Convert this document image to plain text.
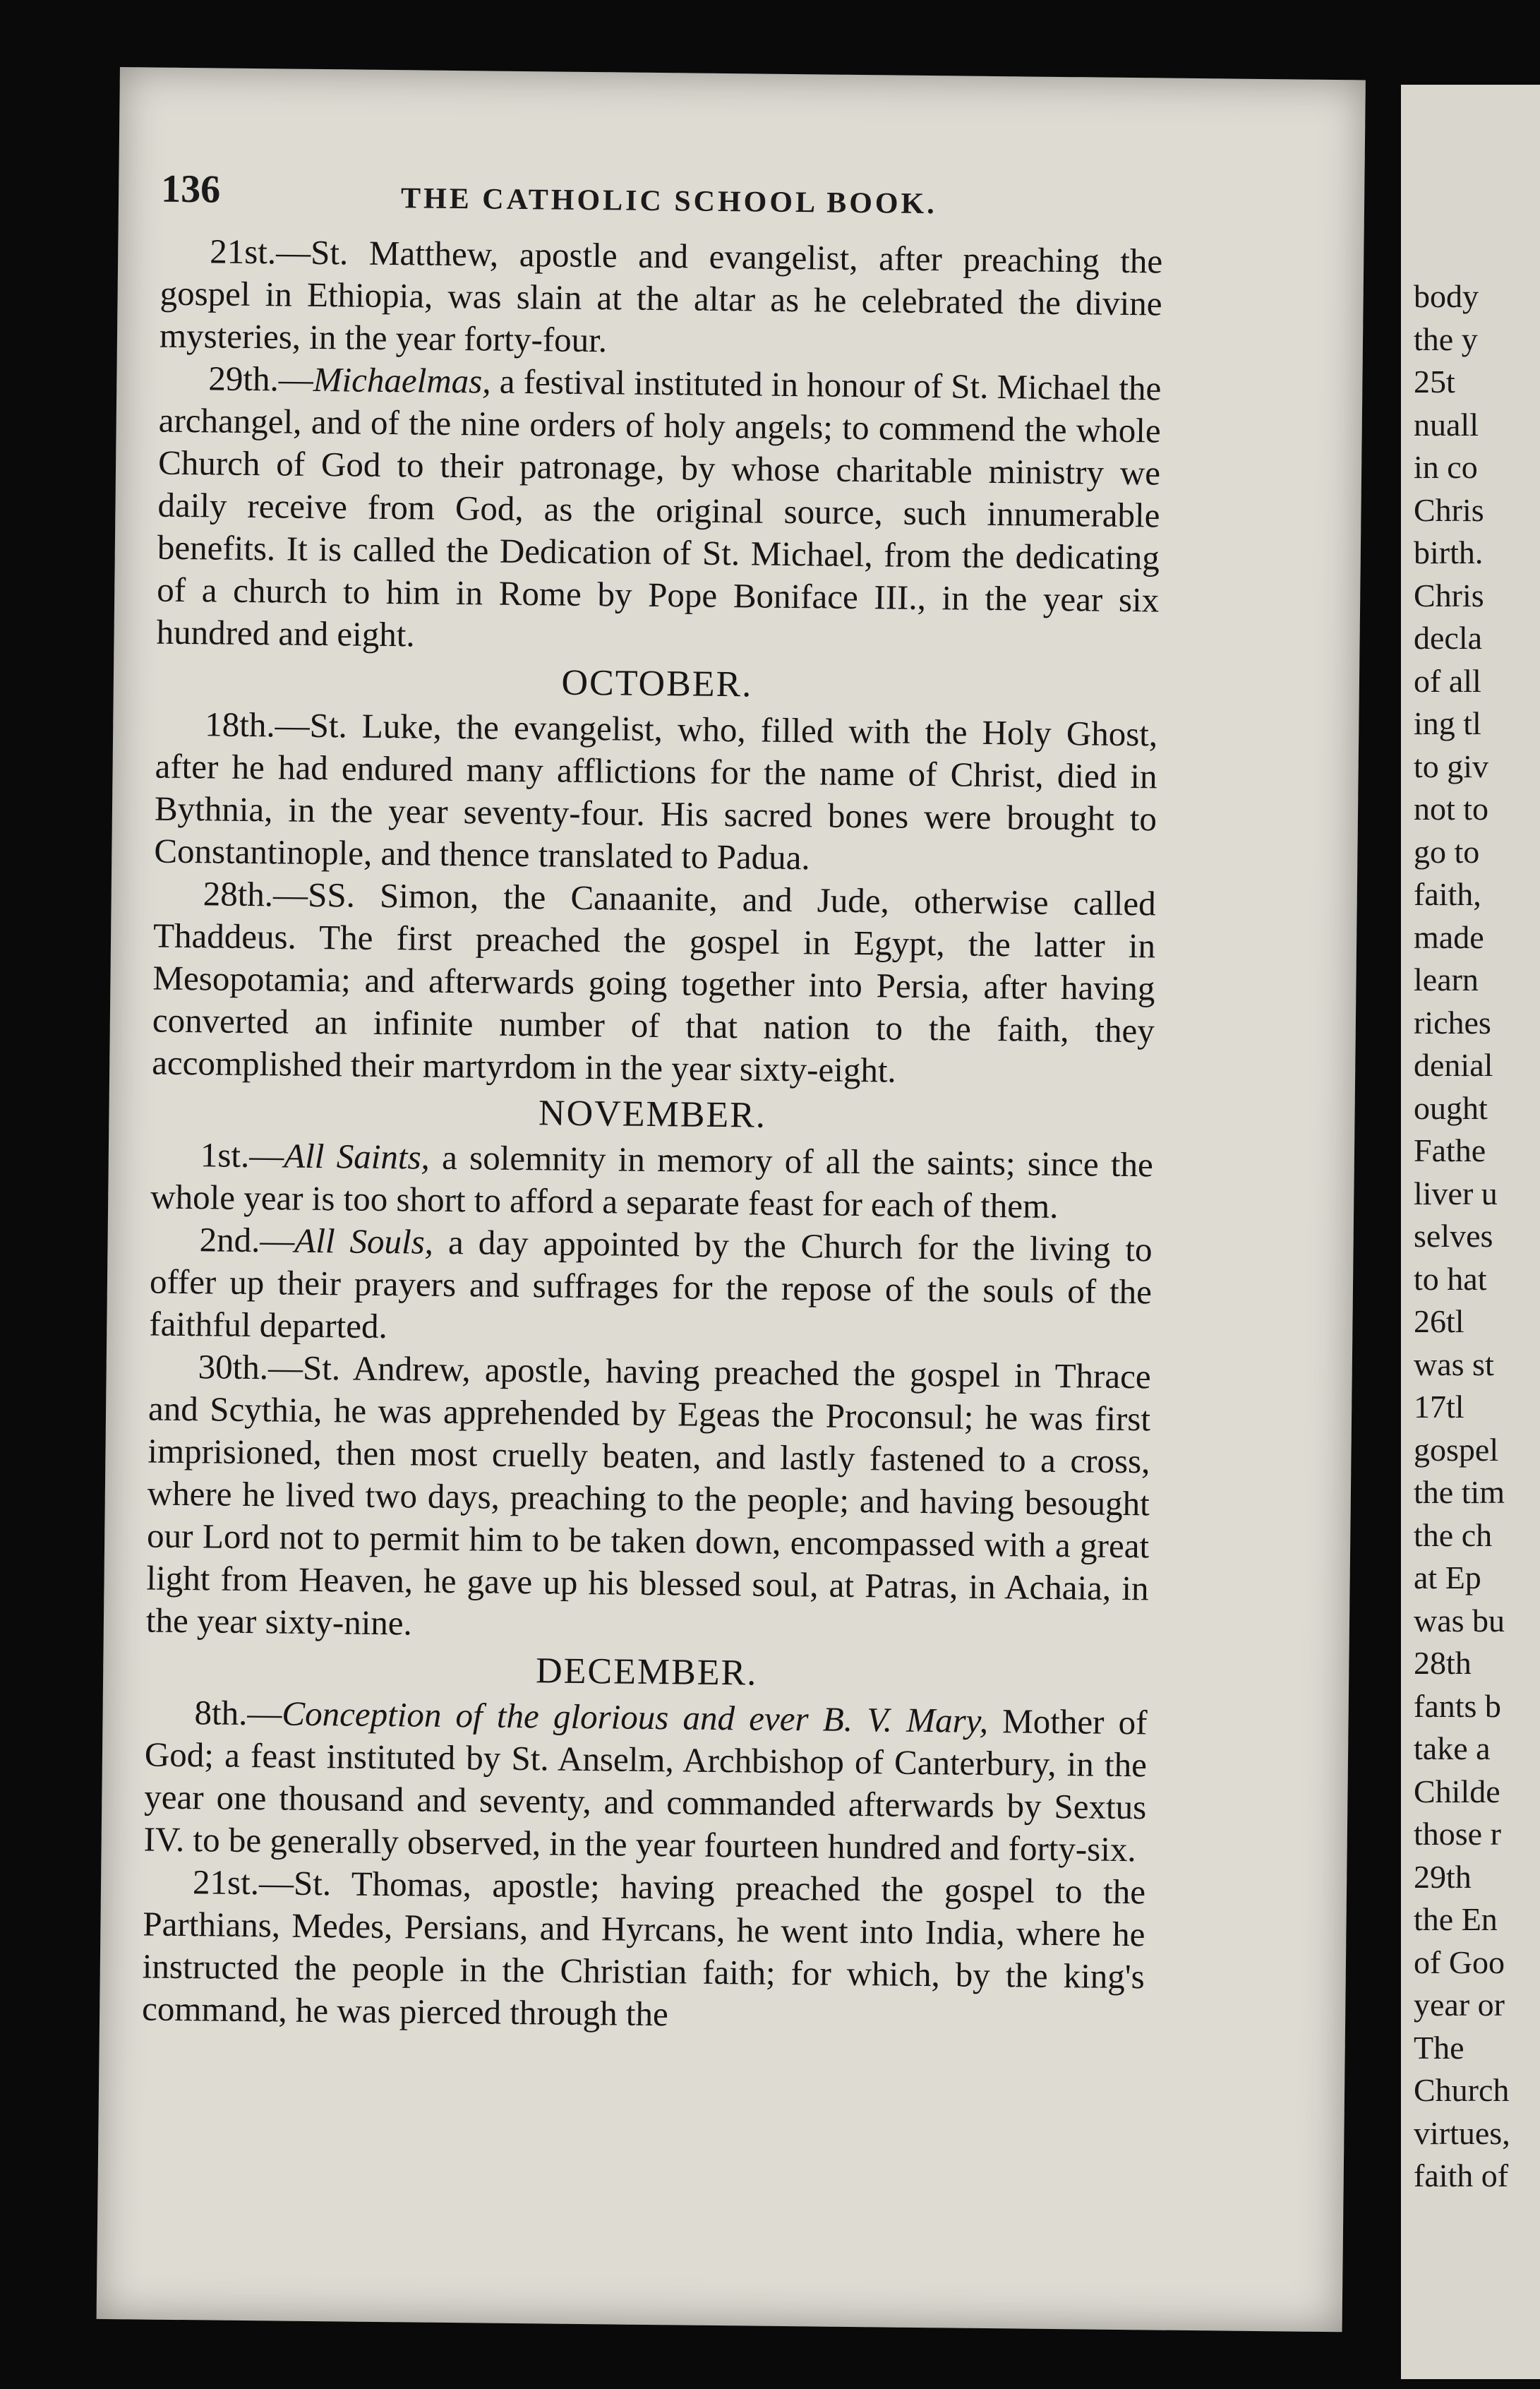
136	THE CATHOLIC SCHOOL BOOK.

21st.—St. Matthew, apostle and evangelist, after preaching the gospel in Ethiopia, was slain at the altar as he celebrated the divine mysteries, in the year forty-four.

29th.—Michaelmas, a festival instituted in honour of St. Michael the archangel, and of the nine orders of holy angels; to commend the whole Church of God to their patronage, by whose charitable ministry we daily receive from God, as the original source, such innumerable benefits. It is called the Dedication of St. Michael, from the dedicating of a church to him in Rome by Pope Boniface III., in the year six hundred and eight.

OCTOBER.

18th.—St. Luke, the evangelist, who, filled with the Holy Ghost, after he had endured many afflictions for the name of Christ, died in Bythnia, in the year seventy-four. His sacred bones were brought to Constantinople, and thence translated to Padua.

28th.—SS. Simon, the Canaanite, and Jude, otherwise called Thaddeus. The first preached the gospel in Egypt, the latter in Mesopotamia; and afterwards going together into Persia, after having converted an infinite number of that nation to the faith, they accomplished their martyrdom in the year sixty-eight.

NOVEMBER.

1st.—All Saints, a solemnity in memory of all the saints; since the whole year is too short to afford a separate feast for each of them.

2nd.—All Souls, a day appointed by the Church for the living to offer up their prayers and suffrages for the repose of the souls of the faithful departed.

30th.—St. Andrew, apostle, having preached the gospel in Thrace and Scythia, he was apprehended by Egeas the Proconsul; he was first imprisioned, then most cruelly beaten, and lastly fastened to a cross, where he lived two days, preaching to the people; and having besought our Lord not to permit him to be taken down, encompassed with a great light from Heaven, he gave up his blessed soul, at Patras, in Achaia, in the year sixty-nine.

DECEMBER.

8th.—Conception of the glorious and ever B. V. Mary, Mother of God; a feast instituted by St. Anselm, Archbishop of Canterbury, in the year one thousand and seventy, and commanded afterwards by Sextus IV. to be generally observed, in the year fourteen hundred and forty-six.

21st.—St. Thomas, apostle; having preached the gospel to the Parthians, Medes, Persians, and Hyrcans, he went into India, where he instructed the people in the Christian faith; for which, by the king's command, he was pierced through the

body
the y
25t
nuall
in co
Chris
birth.
Chris
decla
of all
ing tl
to giv
not to
go to
faith,
made
learn
riches
denial
ought
Fathe
liver u
selves
to hat
26tl
was st
17tl
gospel
the tim
the ch
at Ep
was bu
28th
fants b
take a
Childe
those r
29th
the En
of Goo
year or
The
Church
virtues,
faith of
